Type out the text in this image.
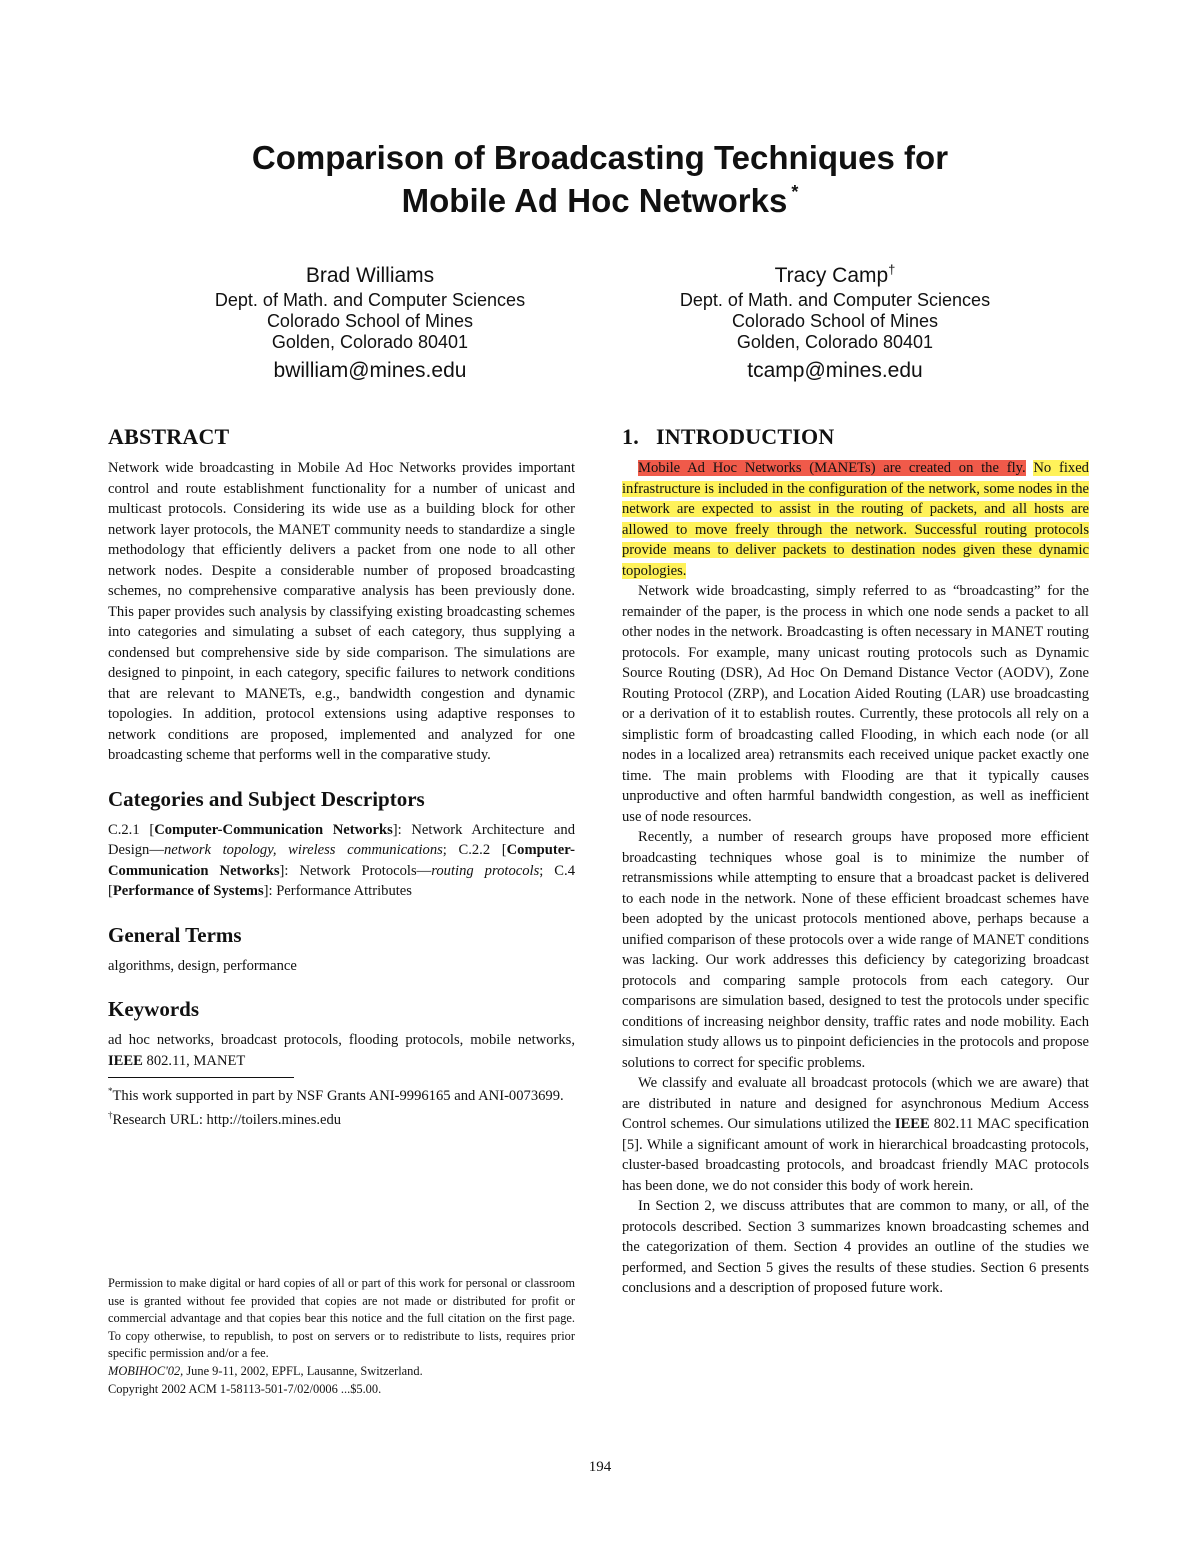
Comparison of Broadcasting Techniques for
Mobile Ad Hoc Networks *
Brad Williams
Dept. of Math. and Computer Sciences
Colorado School of Mines
Golden, Colorado 80401
bwilliam@mines.edu
Tracy Camp†
Dept. of Math. and Computer Sciences
Colorado School of Mines
Golden, Colorado 80401
tcamp@mines.edu
ABSTRACT

Network wide broadcasting in Mobile Ad Hoc Networks provides important control and route establishment functionality for a number of unicast and multicast protocols. Considering its wide use as a building block for other network layer protocols, the MANET community needs to standardize a single methodology that efficiently delivers a packet from one node to all other network nodes. Despite a considerable number of proposed broadcasting schemes, no comprehensive comparative analysis has been previously done. This paper provides such analysis by classifying existing broadcasting schemes into categories and simulating a subset of each category, thus supplying a condensed but comprehensive side by side comparison. The simulations are designed to pinpoint, in each category, specific failures to network conditions that are relevant to MANETs, e.g., bandwidth congestion and dynamic topologies. In addition, protocol extensions using adaptive responses to network conditions are proposed, implemented and analyzed for one broadcasting scheme that performs well in the comparative study.

Categories and Subject Descriptors

C.2.1 [Computer-Communication Networks]: Network Architecture and Design—network topology, wireless communications; C.2.2 [Computer-Communication Networks]: Network Protocols—routing protocols; C.4 [Performance of Systems]: Performance Attributes

General Terms

algorithms, design, performance

Keywords

ad hoc networks, broadcast protocols, flooding protocols, mobile networks, IEEE 802.11, MANET

*This work supported in part by NSF Grants ANI-9996165 and ANI-0073699.

†Research URL: http://toilers.mines.edu

Permission to make digital or hard copies of all or part of this work for personal or classroom use is granted without fee provided that copies are not made or distributed for profit or commercial advantage and that copies bear this notice and the full citation on the first page. To copy otherwise, to republish, to post on servers or to redistribute to lists, requires prior specific permission and/or a fee.

MOBIHOC'02, June 9-11, 2002, EPFL, Lausanne, Switzerland.

Copyright 2002 ACM 1-58113-501-7/02/0006 ...$5.00.

1.   INTRODUCTION

Mobile Ad Hoc Networks (MANETs) are created on the fly. No fixed infrastructure is included in the configuration of the network, some nodes in the network are expected to assist in the routing of packets, and all hosts are allowed to move freely through the network. Successful routing protocols provide means to deliver packets to destination nodes given these dynamic topologies.

Network wide broadcasting, simply referred to as “broadcasting” for the remainder of the paper, is the process in which one node sends a packet to all other nodes in the network. Broadcasting is often necessary in MANET routing protocols. For example, many unicast routing protocols such as Dynamic Source Routing (DSR), Ad Hoc On Demand Distance Vector (AODV), Zone Routing Protocol (ZRP), and Location Aided Routing (LAR) use broadcasting or a derivation of it to establish routes. Currently, these protocols all rely on a simplistic form of broadcasting called Flooding, in which each node (or all nodes in a localized area) retransmits each received unique packet exactly one time. The main problems with Flooding are that it typically causes unproductive and often harmful bandwidth congestion, as well as inefficient use of node resources.

Recently, a number of research groups have proposed more efficient broadcasting techniques whose goal is to minimize the number of retransmissions while attempting to ensure that a broadcast packet is delivered to each node in the network. None of these efficient broadcast schemes have been adopted by the unicast protocols mentioned above, perhaps because a unified comparison of these protocols over a wide range of MANET conditions was lacking. Our work addresses this deficiency by categorizing broadcast protocols and comparing sample protocols from each category. Our comparisons are simulation based, designed to test the protocols under specific conditions of increasing neighbor density, traffic rates and node mobility. Each simulation study allows us to pinpoint deficiencies in the protocols and propose solutions to correct for specific problems.

We classify and evaluate all broadcast protocols (which we are aware) that are distributed in nature and designed for asynchronous Medium Access Control schemes. Our simulations utilized the IEEE 802.11 MAC specification [5]. While a significant amount of work in hierarchical broadcasting protocols, cluster-based broadcasting protocols, and broadcast friendly MAC protocols has been done, we do not consider this body of work herein.

In Section 2, we discuss attributes that are common to many, or all, of the protocols described. Section 3 summarizes known broadcasting schemes and the categorization of them. Section 4 provides an outline of the studies we performed, and Section 5 gives the results of these studies. Section 6 presents conclusions and a description of proposed future work.

194
